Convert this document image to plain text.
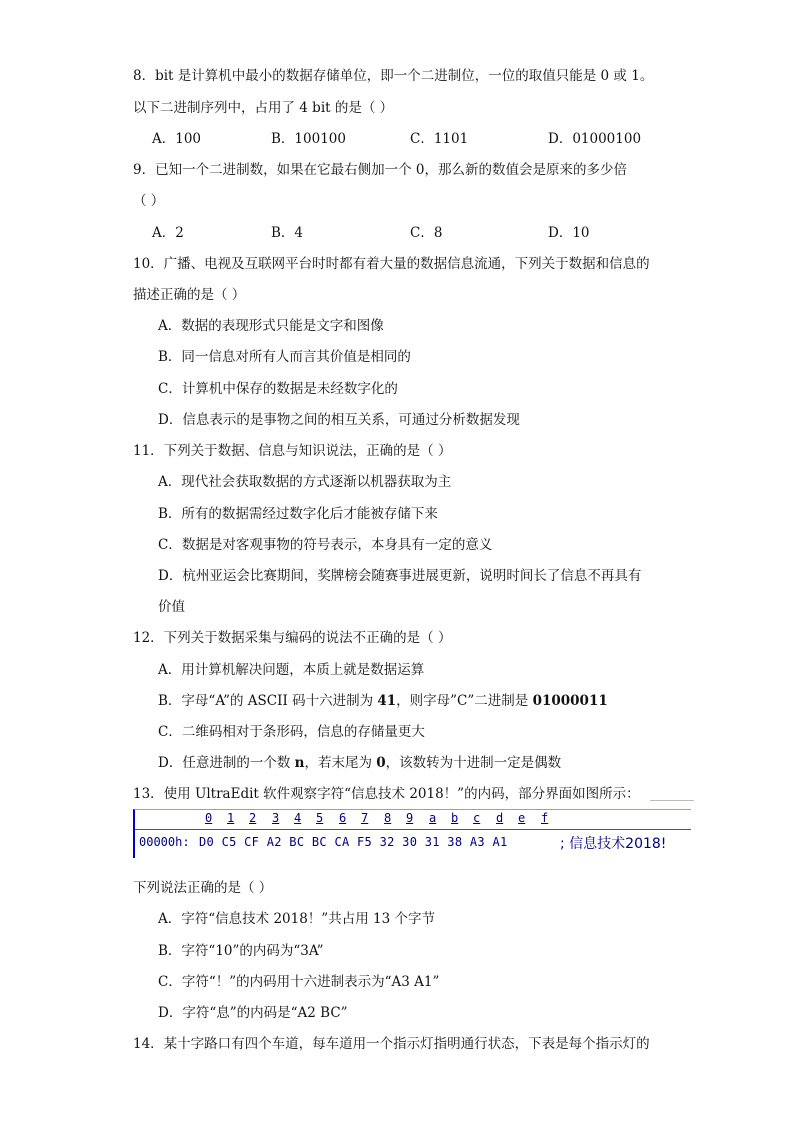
8．bit 是计算机中最小的数据存储单位，即一个二进制位，一位的取值只能是 0 或 1。
以下二进制序列中，占用了 4 bit 的是（ ）
A．100	B．100100	C．1101	D．01000100
9．已知一个二进制数，如果在它最右侧加一个 0，那么新的数值会是原来的多少倍
（ ）
A．2	B．4	C．8	D．10
10．广播、电视及互联网平台时时都有着大量的数据信息流通，下列关于数据和信息的
描述正确的是（ ）
A．数据的表现形式只能是文字和图像
B．同一信息对所有人而言其价值是相同的
C．计算机中保存的数据是未经数字化的
D．信息表示的是事物之间的相互关系，可通过分析数据发现
11．下列关于数据、信息与知识说法，正确的是（ ）
A．现代社会获取数据的方式逐渐以机器获取为主
B．所有的数据需经过数字化后才能被存储下来
C．数据是对客观事物的符号表示，本身具有一定的意义
D．杭州亚运会比赛期间，奖牌榜会随赛事进展更新，说明时间长了信息不再具有
价值
12．下列关于数据采集与编码的说法不正确的是（ ）
A．用计算机解决问题，本质上就是数据运算
B．字母“A”的 ASCII 码十六进制为 41，则字母”C”二进制是 01000011
C．二维码相对于条形码，信息的存储量更大
D．任意进制的一个数 n，若末尾为 0，该数转为十进制一定是偶数
13．使用 UltraEdit 软件观察字符“信息技术 2018！”的内码，部分界面如图所示：
0 1 2 3 4 5 6 7 8 9 a b c d e f
00000h: D0 C5 CF A2 BC BC CA F5 32 30 31 38 A3 A1	; 信息技术2018!
下列说法正确的是（ ）
A．字符“信息技术 2018！”共占用 13 个字节
B．字符“10”的内码为“3A”
C．字符“！”的内码用十六进制表示为“A3 A1”
D．字符“息”的内码是“A2 BC”
14．某十字路口有四个车道，每车道用一个指示灯指明通行状态，下表是每个指示灯的
